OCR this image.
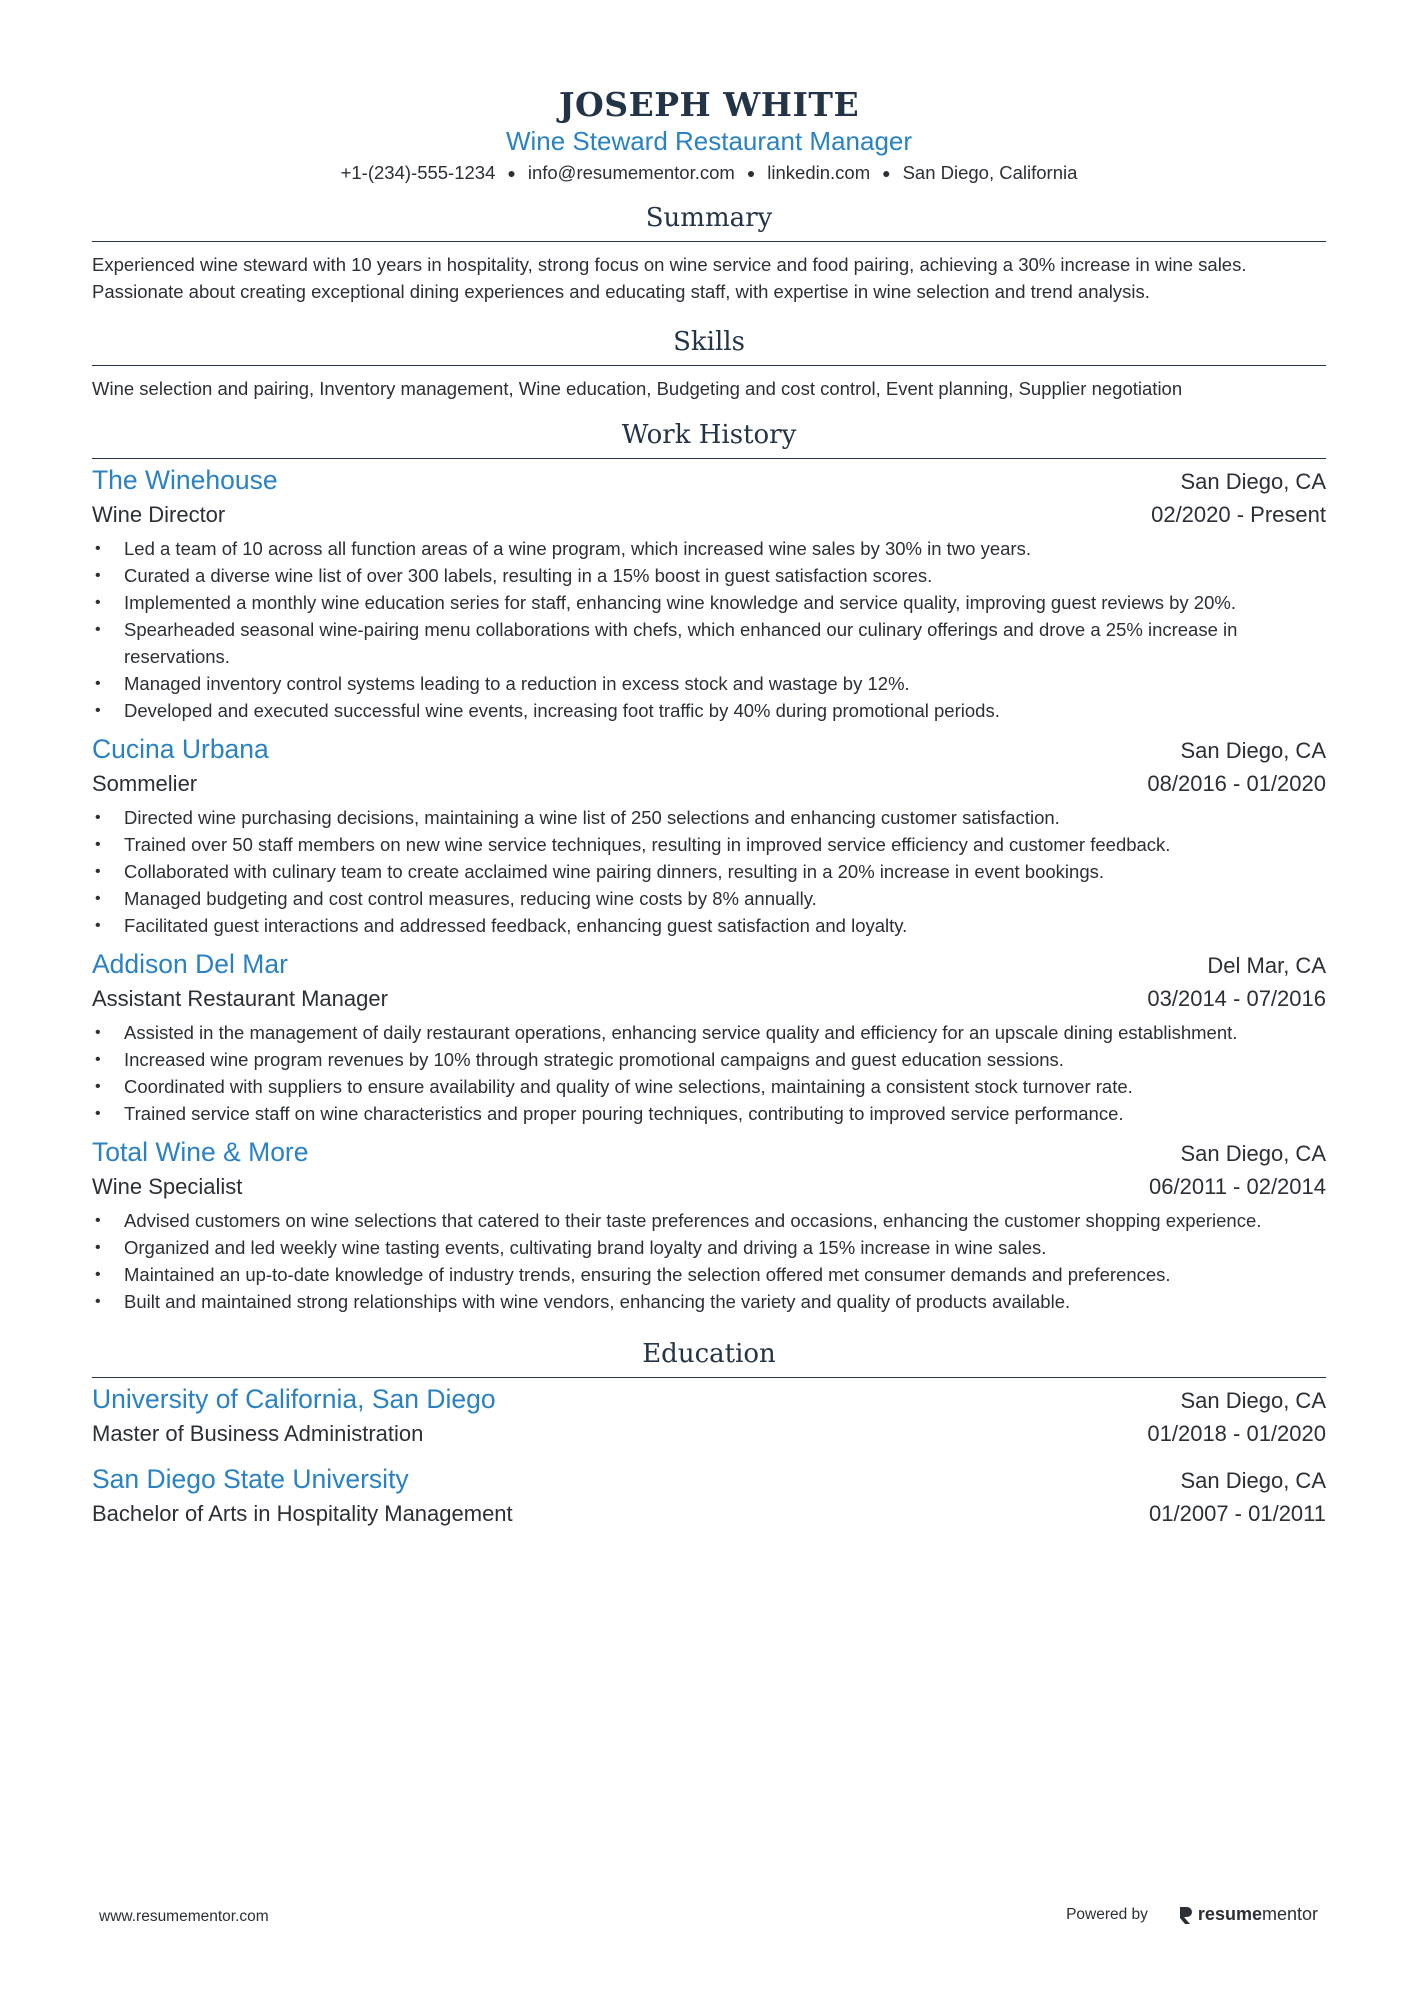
JOSEPH WHITE
Wine Steward Restaurant Manager
+1-(234)-555-1234 ● info@resumementor.com ● linkedin.com ● San Diego, California
Summary
Experienced wine steward with 10 years in hospitality, strong focus on wine service and food pairing, achieving a 30% increase in wine sales. Passionate about creating exceptional dining experiences and educating staff, with expertise in wine selection and trend analysis.
Skills
Wine selection and pairing, Inventory management, Wine education, Budgeting and cost control, Event planning, Supplier negotiation
Work History
The Winehouse	San Diego, CA
Wine Director	02/2020 - Present
• Led a team of 10 across all function areas of a wine program, which increased wine sales by 30% in two years.
• Curated a diverse wine list of over 300 labels, resulting in a 15% boost in guest satisfaction scores.
• Implemented a monthly wine education series for staff, enhancing wine knowledge and service quality, improving guest reviews by 20%.
• Spearheaded seasonal wine-pairing menu collaborations with chefs, which enhanced our culinary offerings and drove a 25% increase in reservations.
• Managed inventory control systems leading to a reduction in excess stock and wastage by 12%.
• Developed and executed successful wine events, increasing foot traffic by 40% during promotional periods.
Cucina Urbana	San Diego, CA
Sommelier	08/2016 - 01/2020
• Directed wine purchasing decisions, maintaining a wine list of 250 selections and enhancing customer satisfaction.
• Trained over 50 staff members on new wine service techniques, resulting in improved service efficiency and customer feedback.
• Collaborated with culinary team to create acclaimed wine pairing dinners, resulting in a 20% increase in event bookings.
• Managed budgeting and cost control measures, reducing wine costs by 8% annually.
• Facilitated guest interactions and addressed feedback, enhancing guest satisfaction and loyalty.
Addison Del Mar	Del Mar, CA
Assistant Restaurant Manager	03/2014 - 07/2016
• Assisted in the management of daily restaurant operations, enhancing service quality and efficiency for an upscale dining establishment.
• Increased wine program revenues by 10% through strategic promotional campaigns and guest education sessions.
• Coordinated with suppliers to ensure availability and quality of wine selections, maintaining a consistent stock turnover rate.
• Trained service staff on wine characteristics and proper pouring techniques, contributing to improved service performance.
Total Wine & More	San Diego, CA
Wine Specialist	06/2011 - 02/2014
• Advised customers on wine selections that catered to their taste preferences and occasions, enhancing the customer shopping experience.
• Organized and led weekly wine tasting events, cultivating brand loyalty and driving a 15% increase in wine sales.
• Maintained an up-to-date knowledge of industry trends, ensuring the selection offered met consumer demands and preferences.
• Built and maintained strong relationships with wine vendors, enhancing the variety and quality of products available.
Education
University of California, San Diego	San Diego, CA
Master of Business Administration	01/2018 - 01/2020
San Diego State University	San Diego, CA
Bachelor of Arts in Hospitality Management	01/2007 - 01/2011
www.resumementor.com	Powered by	resume mentor
